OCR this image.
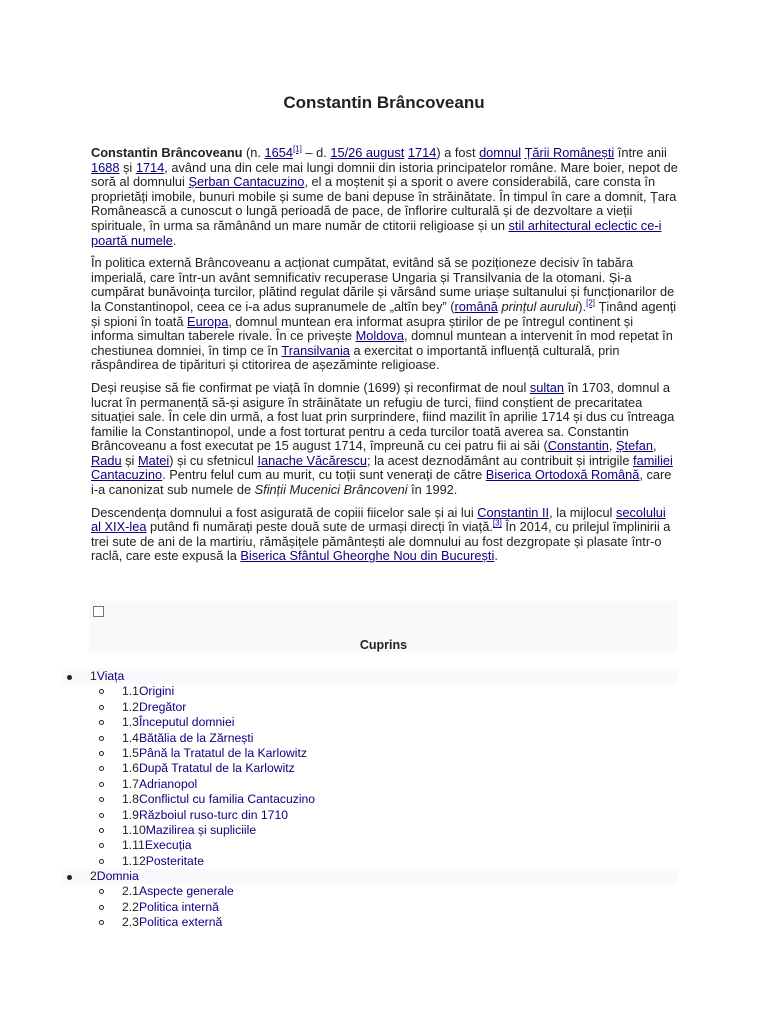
Constantin Brâncoveanu

Constantin Brâncoveanu (n. 1654[1] – d. 15/26 august 1714) a fost domnul Țării Românești între anii 1688 și 1714, având una din cele mai lungi domnii din istoria principatelor române. Mare boier, nepot de soră al domnului Șerban Cantacuzino, el a moștenit și a sporit o avere considerabilă, care consta în proprietăți imobile, bunuri mobile și sume de bani depuse în străinătate. În timpul în care a domnit, Țara Românească a cunoscut o lungă perioadă de pace, de înflorire culturală și de dezvoltare a vieții spirituale, în urma sa rămânând un mare număr de ctitorii religioase și un stil arhitectural eclectic ce-i poartă numele.

În politica externă Brâncoveanu a acționat cumpătat, evitând să se poziționeze decisiv în tabăra imperială, care într-un avânt semnificativ recuperase Ungaria și Transilvania de la otomani. Și-a cumpărat bunăvoința turcilor, plătind regulat dările și vărsând sume uriașe sultanului și funcționarilor de la Constantinopol, ceea ce i-a adus supranumele de „altîn bey” (română prințul aurului).[2] Ținând agenți și spioni în toată Europa, domnul muntean era informat asupra știrilor de pe întregul continent și informa simultan taberele rivale. În ce privește Moldova, domnul muntean a intervenit în mod repetat în chestiunea domniei, în timp ce în Transilvania a exercitat o importantă influență culturală, prin răspândirea de tipărituri și ctitorirea de așezăminte religioase.

Deși reușise să fie confirmat pe viață în domnie (1699) și reconfirmat de noul sultan în 1703, domnul a lucrat în permanență să-și asigure în străinătate un refugiu de turci, fiind conștient de precaritatea situației sale. În cele din urmă, a fost luat prin surprindere, fiind mazilit în aprilie 1714 și dus cu întreaga familie la Constantinopol, unde a fost torturat pentru a ceda turcilor toată averea sa. Constantin Brâncoveanu a fost executat pe 15 august 1714, împreună cu cei patru fii ai săi (Constantin, Ștefan, Radu și Matei) și cu sfetnicul Ianache Văcărescu; la acest deznodământ au contribuit și intrigile familiei Cantacuzino. Pentru felul cum au murit, cu toții sunt venerați de către Biserica Ortodoxă Română, care i-a canonizat sub numele de Sfinții Mucenici Brâncoveni în 1992.

Descendența domnului a fost asigurată de copiii fiicelor sale și ai lui Constantin II, la mijlocul secolului al XIX-lea putând fi numărați peste două sute de urmași direcți în viață.[3] În 2014, cu prilejul împlinirii a trei sute de ani de la martiriu, rămășițele pământești ale domnului au fost dezgropate și plasate într-o raclă, care este expusă la Biserica Sfântul Gheorghe Nou din București.

Cuprins
1Viața
1.1Origini
1.2Dregător
1.3Începutul domniei
1.4Bătălia de la Zărnești
1.5Până la Tratatul de la Karlowitz
1.6După Tratatul de la Karlowitz
1.7Adrianopol
1.8Conflictul cu familia Cantacuzino
1.9Războiul ruso-turc din 1710
1.10Mazilirea și supliciile
1.11Execuția
1.12Posteritate
2Domnia
2.1Aspecte generale
2.2Politica internă
2.3Politica externă
